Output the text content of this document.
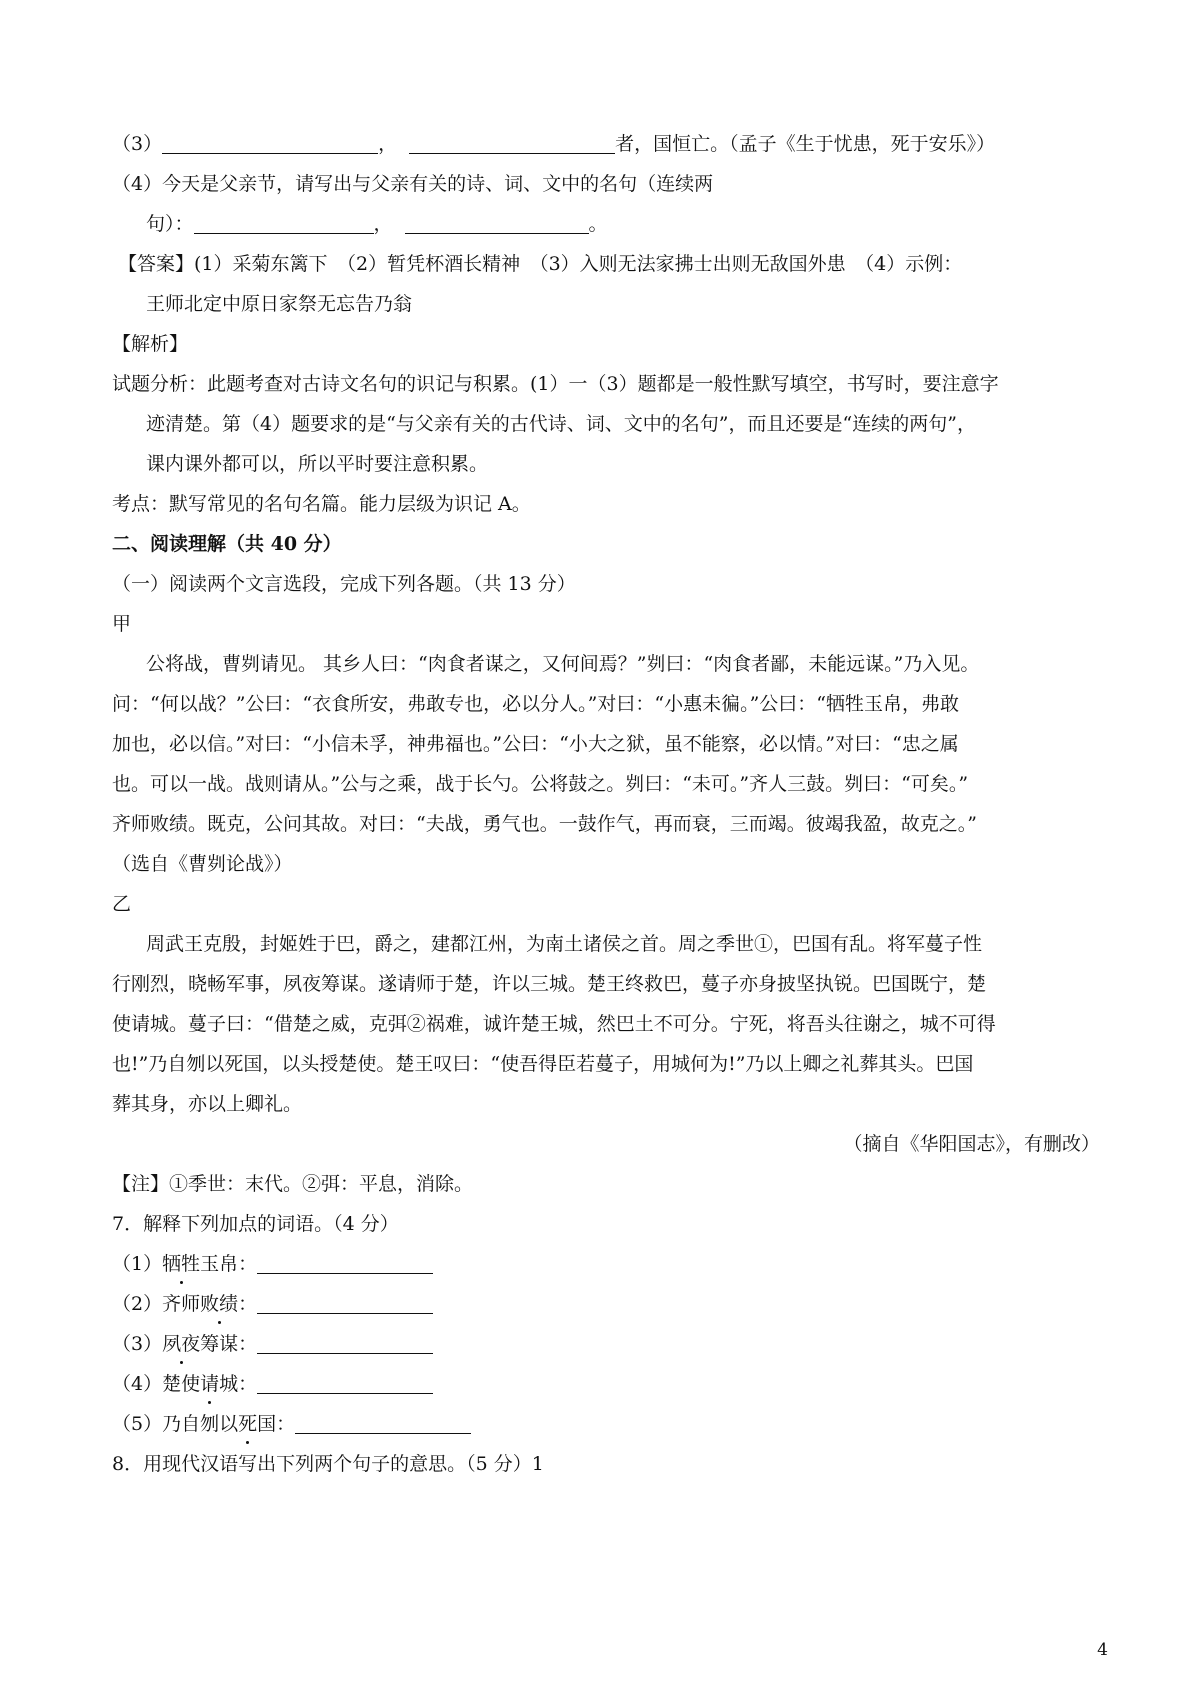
（3）	，	者，国恒亡。（孟子《生于忧患，死于安乐》）
（4）今天是父亲节，请写出与父亲有关的诗、词、文中的名句（连续两
句）：	，	。
【答案】(1）采菊东篱下　（2）暂凭杯酒长精神　（3）入则无法家拂士出则无敌国外患　（4）示例：
王师北定中原日家祭无忘告乃翁
【解析】
试题分析：此题考查对古诗文名句的识记与积累。(1）一（3）题都是一般性默写填空，书写时，要注意字
迹清楚。第（4）题要求的是“与父亲有关的古代诗、词、文中的名句”，而且还要是“连续的两句”，
课内课外都可以，所以平时要注意积累。
考点：默写常见的名句名篇。能力层级为识记 A。
二、阅读理解（共 40 分）
（一）阅读两个文言选段，完成下列各题。（共 13 分）
甲
公将战，曹刿请见。 其乡人曰：“肉食者谋之，又何间焉？”刿曰：“肉食者鄙，未能远谋。”乃入见。
问：“何以战？”公曰：“衣食所安，弗敢专也，必以分人。”对曰：“小惠未徧。”公曰：“牺牲玉帛，弗敢
加也，必以信。”对曰：“小信未孚，神弗福也。”公曰：“小大之狱，虽不能察，必以情。”对曰：“忠之属
也。可以一战。战则请从。”公与之乘，战于长勺。公将鼓之。刿曰：“未可。”齐人三鼓。刿曰：“可矣。”
齐师败绩。既克，公问其故。对曰：“夫战，勇气也。一鼓作气，再而衰，三而竭。彼竭我盈，故克之。”
（选自《曹刿论战》）
乙
周武王克殷，封姬姓于巴，爵之，建都江州，为南土诸侯之首。周之季世①，巴国有乱。将军蔓子性
行刚烈，晓畅军事，夙夜筹谋。遂请师于楚，许以三城。楚王终救巴，蔓子亦身披坚执锐。巴国既宁，楚
使请城。蔓子曰：“借楚之威，克弭②祸难，诚许楚王城，然巴土不可分。宁死，将吾头往谢之，城不可得
也!”乃自刎以死国，以头授楚使。楚王叹曰：“使吾得臣若蔓子，用城何为!”乃以上卿之礼葬其头。巴国
葬其身，亦以上卿礼。
（摘自《华阳国志》，有删改）
【注】①季世：末代。②弭：平息，消除。
7．解释下列加点的词语。（4 分）
（1）牺牲玉帛：
（2）齐师败绩：
（3）夙夜筹谋：
（4）楚使请城：
（5）乃自刎以死国：
8．用现代汉语写出下列两个句子的意思。（5 分）1
4
